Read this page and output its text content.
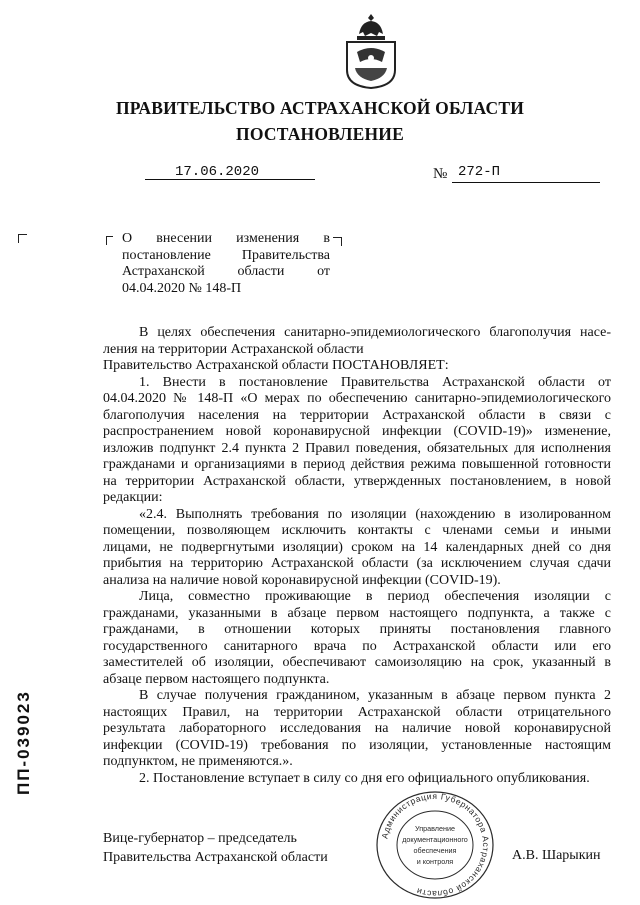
ПРАВИТЕЛЬСТВО АСТРАХАНСКОЙ ОБЛАСТИ
ПОСТАНОВЛЕНИЕ
17.06.2020	№ 272-П
О внесении изменения в
постановление Правительства
Астраханской области от
04.04.2020 № 148-П
В целях обеспечения санитарно-эпидемиологического благополучия насе-
ления на территории Астраханской области
Правительство Астраханской области ПОСТАНОВЛЯЕТ:
1. Внести в постановление Правительства Астраханской области от
04.04.2020 № 148-П «О мерах по обеспечению санитарно-эпидемиологического
благополучия населения на территории Астраханской области в связи с
распространением новой коронавирусной инфекции (COVID-19)» изменение,
изложив подпункт 2.4 пункта 2 Правил поведения, обязательных для исполнения
гражданами и организациями в период действия режима повышенной готовности
на территории Астраханской области, утвержденных постановлением, в новой
редакции:
«2.4. Выполнять требования по изоляции (нахождению в изолированном
помещении, позволяющем исключить контакты с членами семьи и иными
лицами, не подвергнутыми изоляции) сроком на 14 календарных дней со дня
прибытия на территорию Астраханской области (за исключением случая сдачи
анализа на наличие новой коронавирусной инфекции (COVID-19).
Лица, совместно проживающие в период обеспечения изоляции с
гражданами, указанными в абзаце первом настоящего подпункта, а также с
гражданами, в отношении которых приняты постановления главного
государственного санитарного врача по Астраханской области или его
заместителей об изоляции, обеспечивают самоизоляцию на срок, указанный в
абзаце первом настоящего подпункта.
В случае получения гражданином, указанным в абзаце первом пункта 2
настоящих Правил, на территории Астраханской области отрицательного
результата лабораторного исследования на наличие новой коронавирусной
инфекции (COVID-19) требования по изоляции, установленные настоящим
подпунктом, не применяются.».
2. Постановление вступает в силу со дня его официального опубликования.
Вице-губернатор – председатель
Правительства Астраханской области
Администрация Губернатора Астраханской области
Управление
документационного
обеспечения
и контроля	А.В. Шарыкин
ПП-039023
